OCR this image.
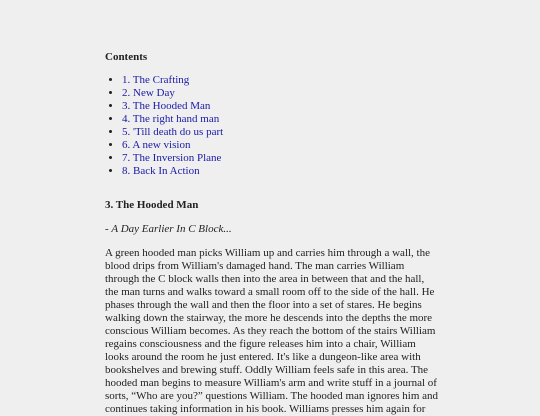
Contents
• 1. The Crafting
• 2. New Day
• 3. The Hooded Man
• 4. The right hand man
• 5. 'Till death do us part
• 6. A new vision
• 7. The Inversion Plane
• 8. Back In Action
3. The Hooded Man
- A Day Earlier In C Block...

A green hooded man picks William up and carries him through a wall, the blood drips from William's damaged hand. The man carries William through the C block walls then into the area in between that and the hall, the man turns and walks toward a small room off to the side of the hall. He phases through the wall and then the floor into a set of stares. He begins walking down the stairway, the more he descends into the depths the more conscious William becomes. As they reach the bottom of the stairs William regains consciousness and the figure releases him into a chair, William looks around the room he just entered. It's like a dungeon-like area with bookshelves and brewing stuff. Oddly William feels safe in this area. The hooded man begins to measure William's arm and write stuff in a journal of sorts, “Who are you?” questions William. The hooded man ignores him and continues taking information in his book. Williams presses him again for
